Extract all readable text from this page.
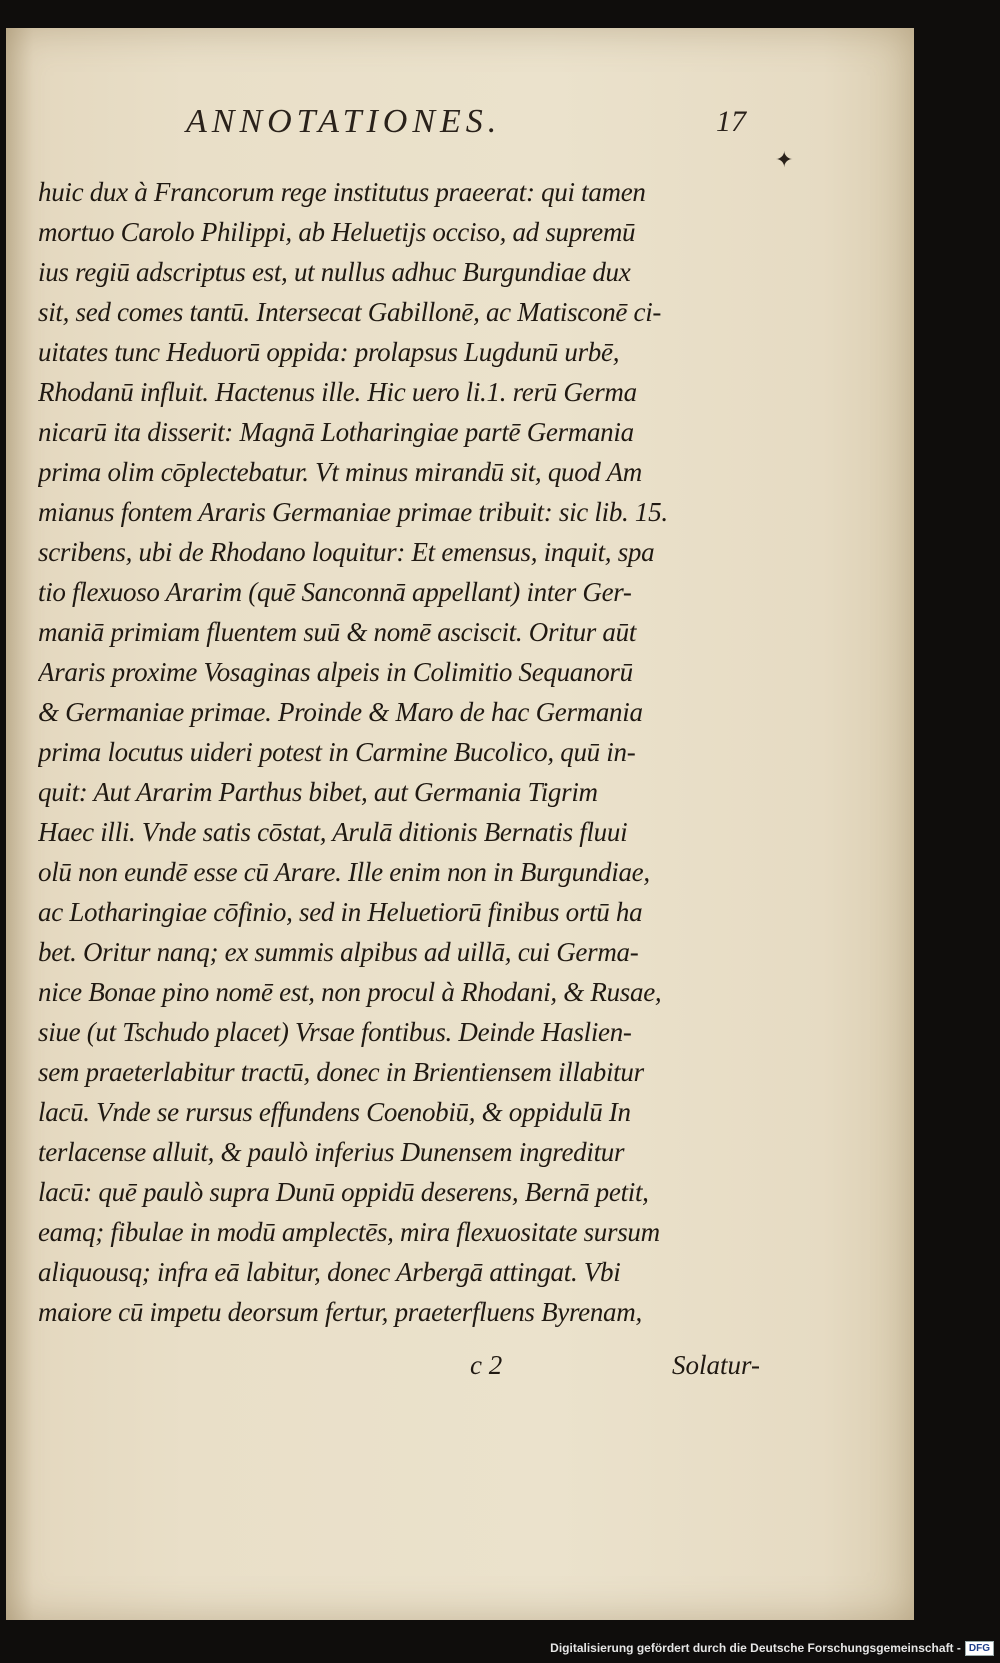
ANNOTATIONES.	17
✦
huic dux à Francorum rege institutus praeerat: qui tamen
mortuo Carolo Philippi, ab Heluetijs occiso, ad supremū
ius regiū adscriptus est, ut nullus adhuc Burgundiae dux
sit, sed comes tantū. Intersecat Gabillonē, ac Matisconē ci-
uitates tunc Heduorū oppida: prolapsus Lugdunū urbē,
Rhodanū influit. Hactenus ille. Hic uero li.1. rerū Germa
nicarū ita disserit: Magnā Lotharingiae partē Germania
prima olim cōplectebatur. Vt minus mirandū sit, quod Am
mianus fontem Araris Germaniae primae tribuit: sic lib. 15.
scribens, ubi de Rhodano loquitur: Et emensus, inquit, spa
tio flexuoso Ararim (quē Sanconnā appellant) inter Ger-
maniā primiam fluentem suū & nomē asciscit. Oritur aūt
Araris proxime Vosaginas alpeis in Colimitio Sequanorū
& Germaniae primae. Proinde & Maro de hac Germania
prima locutus uideri potest in Carmine Bucolico, quū in-
quit: Aut Ararim Parthus bibet, aut Germania Tigrim
Haec illi. Vnde satis cōstat, Arulā ditionis Bernatis fluui
olū non eundē esse cū Arare. Ille enim non in Burgundiae,
ac Lotharingiae cōfinio, sed in Heluetiorū finibus ortū ha
bet. Oritur nanq; ex summis alpibus ad uillā, cui Germa-
nice Bonae pino nomē est, non procul à Rhodani, & Rusae,
siue (ut Tschudo placet) Vrsae fontibus. Deinde Haslien-
sem praeterlabitur tractū, donec in Brientiensem illabitur
lacū. Vnde se rursus effundens Coenobiū, & oppidulū In
terlacense alluit, & paulò inferius Dunensem ingreditur
lacū: quē paulò supra Dunū oppidū deserens, Bernā petit,
eamq; fibulae in modū amplectēs, mira flexuositate sursum
aliquousq; infra eā labitur, donec Arbergā attingat. Vbi
maiore cū impetu deorsum fertur, praeterfluens Byrenam,
c 2	Solatur-
Digitalisierung gefördert durch die Deutsche Forschungsgemeinschaft - DFG
